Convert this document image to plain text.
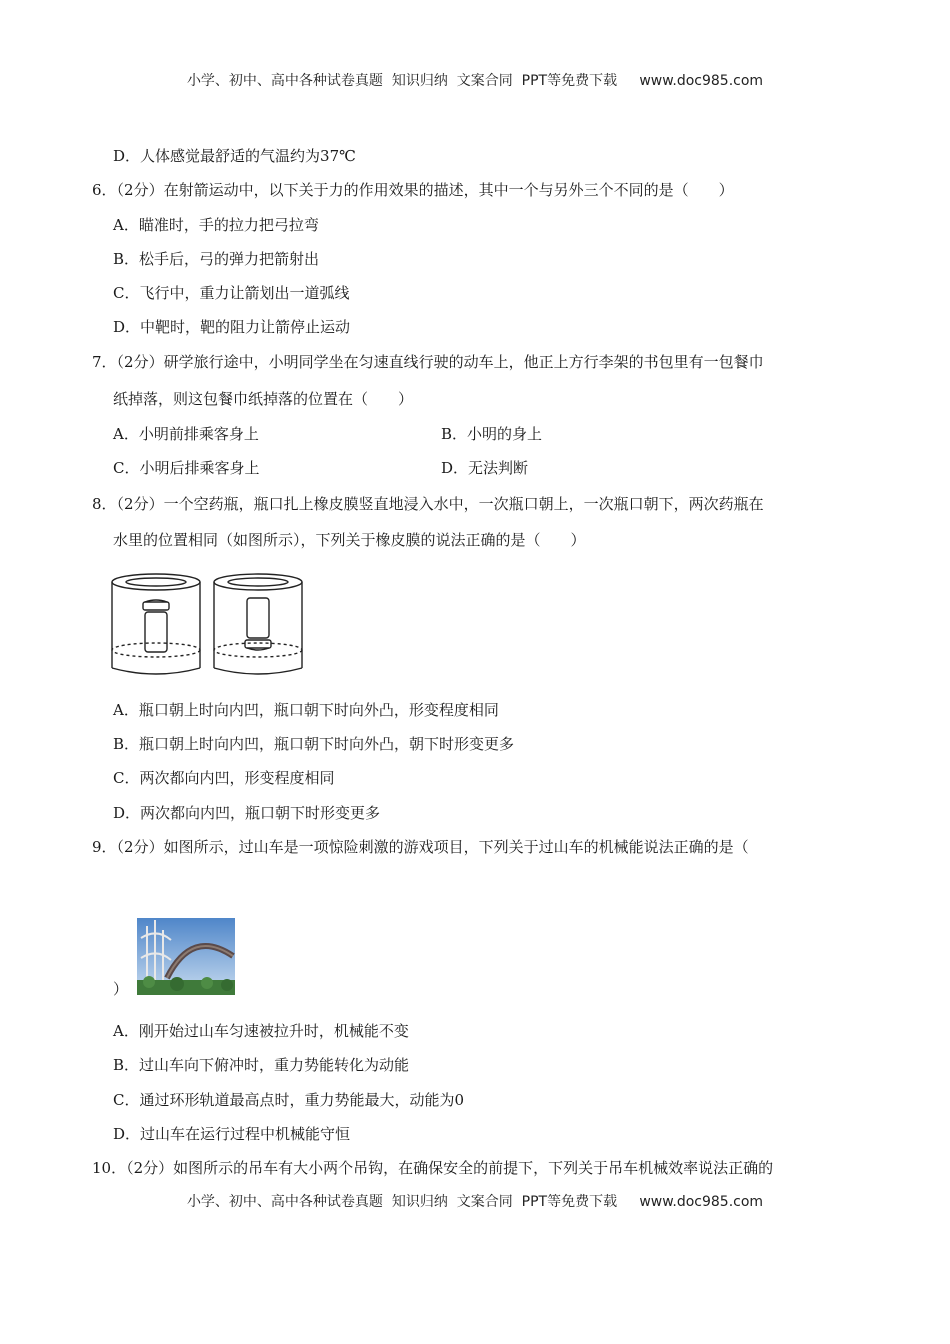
小学、初中、高中各种试卷真题  知识归纳  文案合同  PPT等免费下载     www.doc985.com
D．人体感觉最舒适的气温约为37℃
6．（2分）在射箭运动中，以下关于力的作用效果的描述，其中一个与另外三个不同的是（　　）
A．瞄准时，手的拉力把弓拉弯
B．松手后，弓的弹力把箭射出
C．飞行中，重力让箭划出一道弧线
D．中靶时，靶的阻力让箭停止运动
7．（2分）研学旅行途中，小明同学坐在匀速直线行驶的动车上，他正上方行李架的书包里有一包餐巾
纸掉落，则这包餐巾纸掉落的位置在（　　）
A．小明前排乘客身上	B．小明的身上
C．小明后排乘客身上	D．无法判断
8．（2分）一个空药瓶，瓶口扎上橡皮膜竖直地浸入水中，一次瓶口朝上，一次瓶口朝下，两次药瓶在
水里的位置相同（如图所示），下列关于橡皮膜的说法正确的是（　　）
A．瓶口朝上时向内凹，瓶口朝下时向外凸，形变程度相同
B．瓶口朝上时向内凹，瓶口朝下时向外凸，朝下时形变更多
C．两次都向内凹，形变程度相同
D．两次都向内凹，瓶口朝下时形变更多
9．（2分）如图所示，过山车是一项惊险刺激的游戏项目，下列关于过山车的机械能说法正确的是（
）
A．刚开始过山车匀速被拉升时，机械能不变
B．过山车向下俯冲时，重力势能转化为动能
C．通过环形轨道最高点时，重力势能最大，动能为0
D．过山车在运行过程中机械能守恒
10．（2分）如图所示的吊车有大小两个吊钩，在确保安全的前提下，下列关于吊车机械效率说法正确的
小学、初中、高中各种试卷真题  知识归纳  文案合同  PPT等免费下载     www.doc985.com
